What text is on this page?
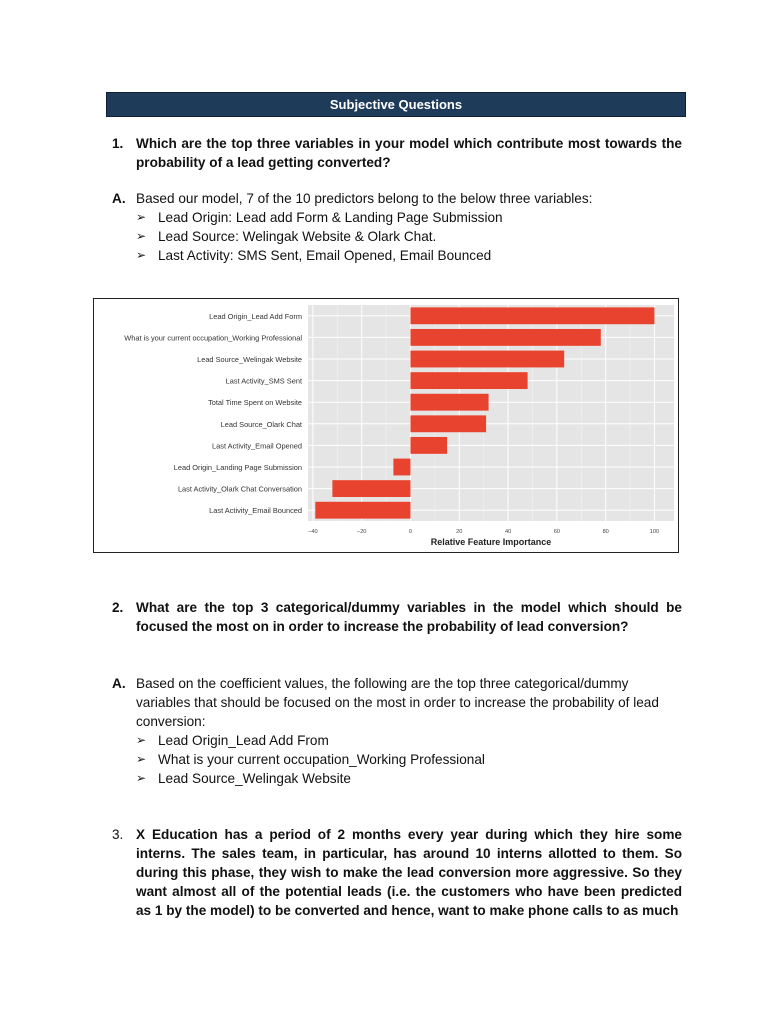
Subjective Questions
1. Which are the top three variables in your model which contribute most towards the probability of a lead getting converted?
A. Based our model, 7 of the 10 predictors belong to the below three variables:
➢ Lead Origin: Lead add Form & Landing Page Submission
➢ Lead Source: Welingak Website & Olark Chat.
➢ Last Activity: SMS Sent, Email Opened, Email Bounced
Lead Origin_Lead Add Form
What is your current occupation_Working Professional
Lead Source_Welingak Website
Last Activity_SMS Sent
Total Time Spent on Website
Lead Source_Olark Chat
Last Activity_Email Opened
Lead Origin_Landing Page Submission
Last Activity_Olark Chat Conversation
Last Activity_Email Bounced
−40	−20	0	20	40	60	80	100
Relative Feature Importance
2. What are the top 3 categorical/dummy variables in the model which should be focused the most on in order to increase the probability of lead conversion?
A. Based on the coefficient values, the following are the top three categorical/dummy variables that should be focused on the most in order to increase the probability of lead conversion:
➢ Lead Origin_Lead Add From
➢ What is your current occupation_Working Professional
➢ Lead Source_Welingak Website
3. X Education has a period of 2 months every year during which they hire some interns. The sales team, in particular, has around 10 interns allotted to them. So during this phase, they wish to make the lead conversion more aggressive. So they want almost all of the potential leads (i.e. the customers who have been predicted as 1 by the model) to be converted and hence, want to make phone calls to as much
